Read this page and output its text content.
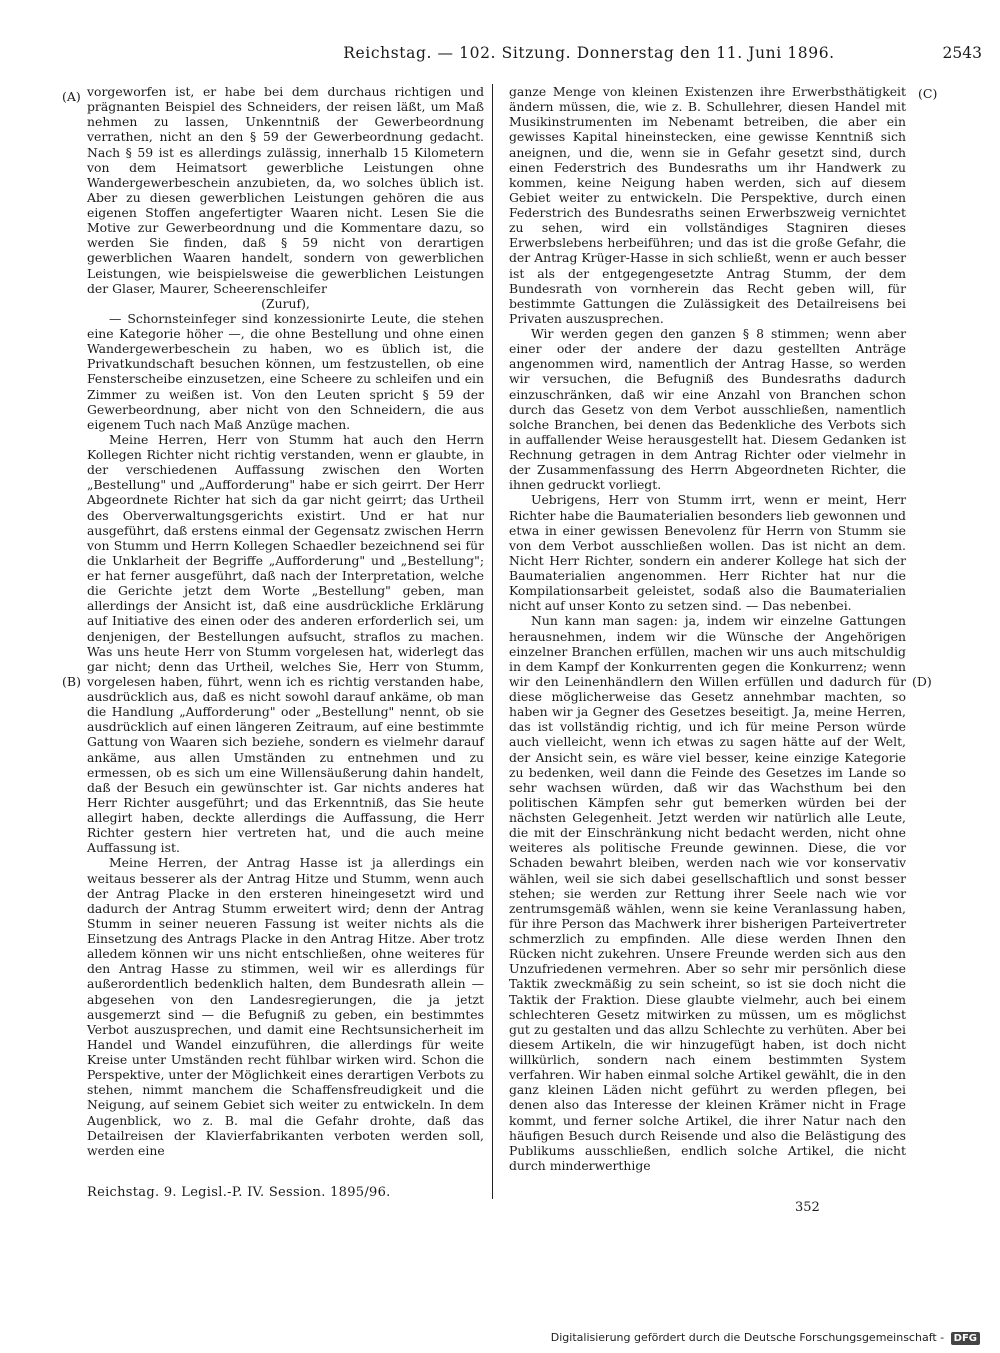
Reichstag. — 102. Sitzung. Donnerstag den 11. Juni 1896.	2543
(A)
(B)
(C)
(D)

vorgeworfen ist, er habe bei dem durchaus richtigen und prägnanten Beispiel des Schneiders, der reisen läßt, um Maß nehmen zu lassen, Unkenntniß der Gewerbeordnung verrathen, nicht an den § 59 der Gewerbeordnung gedacht. Nach § 59 ist es allerdings zulässig, innerhalb 15 Kilometern von dem Heimatsort gewerbliche Leistungen ohne Wandergewerbeschein anzubieten, da, wo solches üblich ist. Aber zu diesen gewerblichen Leistungen gehören die aus eigenen Stoffen angefertigter Waaren nicht. Lesen Sie die Motive zur Gewerbeordnung und die Kommentare dazu, so werden Sie finden, daß § 59 nicht von derartigen gewerblichen Waaren handelt, sondern von gewerblichen Leistungen, wie beispielsweise die gewerblichen Leistungen der Glaser, Maurer, Scheerenschleifer

(Zuruf),

— Schornsteinfeger sind konzessionirte Leute, die stehen eine Kategorie höher —, die ohne Bestellung und ohne einen Wandergewerbeschein zu haben, wo es üblich ist, die Privatkundschaft besuchen können, um festzustellen, ob eine Fensterscheibe einzusetzen, eine Scheere zu schleifen und ein Zimmer zu weißen ist. Von den Leuten spricht § 59 der Gewerbeordnung, aber nicht von den Schneidern, die aus eigenem Tuch nach Maß Anzüge machen.

Meine Herren, Herr von Stumm hat auch den Herrn Kollegen Richter nicht richtig verstanden, wenn er glaubte, in der verschiedenen Auffassung zwischen den Worten „Bestellung" und „Aufforderung" habe er sich geirrt. Der Herr Abgeordnete Richter hat sich da gar nicht geirrt; das Urtheil des Oberverwaltungsgerichts existirt. Und er hat nur ausgeführt, daß erstens einmal der Gegensatz zwischen Herrn von Stumm und Herrn Kollegen Schaedler bezeichnend sei für die Unklarheit der Begriffe „Aufforderung" und „Bestellung"; er hat ferner ausgeführt, daß nach der Interpretation, welche die Gerichte jetzt dem Worte „Bestellung" geben, man allerdings der Ansicht ist, daß eine ausdrückliche Erklärung auf Initiative des einen oder des anderen erforderlich sei, um denjenigen, der Bestellungen aufsucht, straflos zu machen. Was uns heute Herr von Stumm vorgelesen hat, widerlegt das gar nicht; denn das Urtheil, welches Sie, Herr von Stumm, vorgelesen haben, führt, wenn ich es richtig verstanden habe, ausdrücklich aus, daß es nicht sowohl darauf ankäme, ob man die Handlung „Aufforderung" oder „Bestellung" nennt, ob sie ausdrücklich auf einen längeren Zeitraum, auf eine bestimmte Gattung von Waaren sich beziehe, sondern es vielmehr darauf ankäme, aus allen Umständen zu entnehmen und zu ermessen, ob es sich um eine Willensäußerung dahin handelt, daß der Besuch ein gewünschter ist. Gar nichts anderes hat Herr Richter ausgeführt; und das Erkenntniß, das Sie heute allegirt haben, deckte allerdings die Auffassung, die Herr Richter gestern hier vertreten hat, und die auch meine Auffassung ist.

Meine Herren, der Antrag Hasse ist ja allerdings ein weitaus besserer als der Antrag Hitze und Stumm, wenn auch der Antrag Placke in den ersteren hineingesetzt wird und dadurch der Antrag Stumm erweitert wird; denn der Antrag Stumm in seiner neueren Fassung ist weiter nichts als die Einsetzung des Antrags Placke in den Antrag Hitze. Aber trotz alledem können wir uns nicht entschließen, ohne weiteres für den Antrag Hasse zu stimmen, weil wir es allerdings für außerordentlich bedenklich halten, dem Bundesrath allein — abgesehen von den Landesregierungen, die ja jetzt ausgemerzt sind — die Befugniß zu geben, ein bestimmtes Verbot auszusprechen, und damit eine Rechtsunsicherheit im Handel und Wandel einzuführen, die allerdings für weite Kreise unter Umständen recht fühlbar wirken wird. Schon die Perspektive, unter der Möglichkeit eines derartigen Verbots zu stehen, nimmt manchem die Schaffensfreudigkeit und die Neigung, auf seinem Gebiet sich weiter zu entwickeln. In dem Augenblick, wo z. B. mal die Gefahr drohte, daß das Detailreisen der Klavierfabrikanten verboten werden soll, werden eine

ganze Menge von kleinen Existenzen ihre Erwerbsthätigkeit ändern müssen, die, wie z. B. Schullehrer, diesen Handel mit Musikinstrumenten im Nebenamt betreiben, die aber ein gewisses Kapital hineinstecken, eine gewisse Kenntniß sich aneignen, und die, wenn sie in Gefahr gesetzt sind, durch einen Federstrich des Bundesraths um ihr Handwerk zu kommen, keine Neigung haben werden, sich auf diesem Gebiet weiter zu entwickeln. Die Perspektive, durch einen Federstrich des Bundesraths seinen Erwerbszweig vernichtet zu sehen, wird ein vollständiges Stagniren dieses Erwerbslebens herbeiführen; und das ist die große Gefahr, die der Antrag Krüger-Hasse in sich schließt, wenn er auch besser ist als der entgegengesetzte Antrag Stumm, der dem Bundesrath von vornherein das Recht geben will, für bestimmte Gattungen die Zulässigkeit des Detailreisens bei Privaten auszusprechen.

Wir werden gegen den ganzen § 8 stimmen; wenn aber einer oder der andere der dazu gestellten Anträge angenommen wird, namentlich der Antrag Hasse, so werden wir versuchen, die Befugniß des Bundesraths dadurch einzuschränken, daß wir eine Anzahl von Branchen schon durch das Gesetz von dem Verbot ausschließen, namentlich solche Branchen, bei denen das Bedenkliche des Verbots sich in auffallender Weise herausgestellt hat. Diesem Gedanken ist Rechnung getragen in dem Antrag Richter oder vielmehr in der Zusammenfassung des Herrn Abgeordneten Richter, die ihnen gedruckt vorliegt.

Uebrigens, Herr von Stumm irrt, wenn er meint, Herr Richter habe die Baumaterialien besonders lieb gewonnen und etwa in einer gewissen Benevolenz für Herrn von Stumm sie von dem Verbot ausschließen wollen. Das ist nicht an dem. Nicht Herr Richter, sondern ein anderer Kollege hat sich der Baumaterialien angenommen. Herr Richter hat nur die Kompilationsarbeit geleistet, sodaß also die Baumaterialien nicht auf unser Konto zu setzen sind. — Das nebenbei.

Nun kann man sagen: ja, indem wir einzelne Gattungen herausnehmen, indem wir die Wünsche der Angehörigen einzelner Branchen erfüllen, machen wir uns auch mitschuldig in dem Kampf der Konkurrenten gegen die Konkurrenz; wenn wir den Leinenhändlern den Willen erfüllen und dadurch für diese möglicherweise das Gesetz annehmbar machten, so haben wir ja Gegner des Gesetzes beseitigt. Ja, meine Herren, das ist vollständig richtig, und ich für meine Person würde auch vielleicht, wenn ich etwas zu sagen hätte auf der Welt, der Ansicht sein, es wäre viel besser, keine einzige Kategorie zu bedenken, weil dann die Feinde des Gesetzes im Lande so sehr wachsen würden, daß wir das Wachsthum bei den politischen Kämpfen sehr gut bemerken würden bei der nächsten Gelegenheit. Jetzt werden wir natürlich alle Leute, die mit der Einschränkung nicht bedacht werden, nicht ohne weiteres als politische Freunde gewinnen. Diese, die vor Schaden bewahrt bleiben, werden nach wie vor konservativ wählen, weil sie sich dabei gesellschaftlich und sonst besser stehen; sie werden zur Rettung ihrer Seele nach wie vor zentrumsgemäß wählen, wenn sie keine Veranlassung haben, für ihre Person das Machwerk ihrer bisherigen Parteivertreter schmerzlich zu empfinden. Alle diese werden Ihnen den Rücken nicht zukehren. Unsere Freunde werden sich aus den Unzufriedenen vermehren. Aber so sehr mir persönlich diese Taktik zweckmäßig zu sein scheint, so ist sie doch nicht die Taktik der Fraktion. Diese glaubte vielmehr, auch bei einem schlechteren Gesetz mitwirken zu müssen, um es möglichst gut zu gestalten und das allzu Schlechte zu verhüten. Aber bei diesem Artikeln, die wir hinzugefügt haben, ist doch nicht willkürlich, sondern nach einem bestimmten System verfahren. Wir haben einmal solche Artikel gewählt, die in den ganz kleinen Läden nicht geführt zu werden pflegen, bei denen also das Interesse der kleinen Krämer nicht in Frage kommt, und ferner solche Artikel, die ihrer Natur nach den häufigen Besuch durch Reisende und also die Belästigung des Publikums ausschließen, endlich solche Artikel, die nicht durch minderwerthige

Reichstag. 9. Legisl.-P. IV. Session. 1895/96.
352
Digitalisierung gefördert durch die Deutsche Forschungsgemeinschaft - DFG
